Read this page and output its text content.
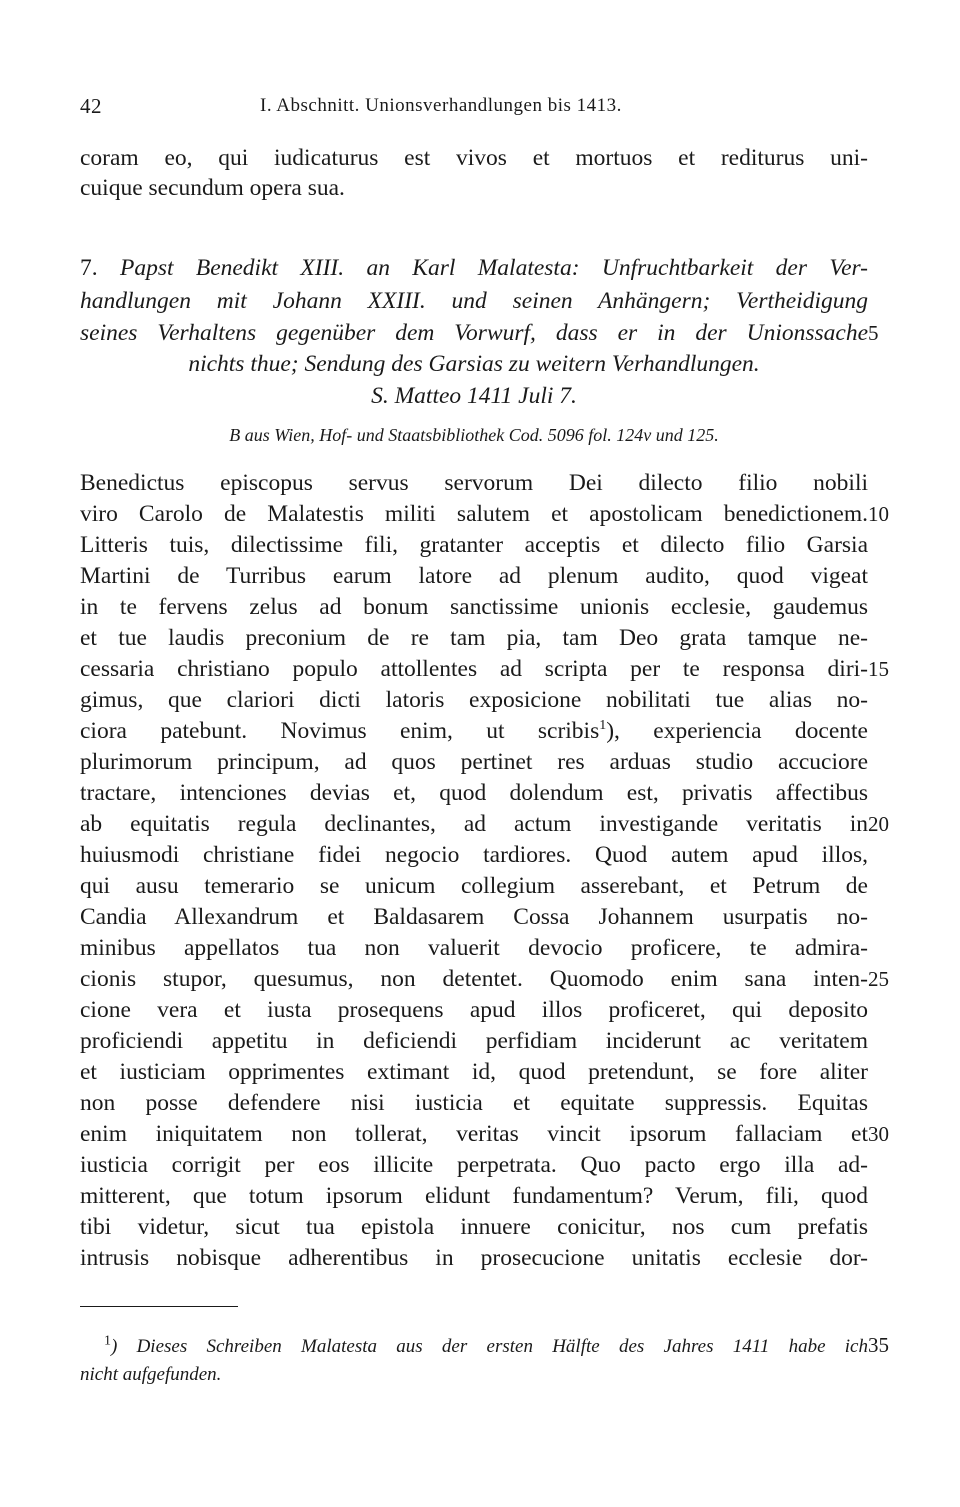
42	I. Abschnitt. Unionsverhandlungen bis 1413.
coram eo, qui iudicaturus est vivos et mortuos et rediturus uni-
cuique secundum opera sua.
7. Papst Benedikt XIII. an Karl Malatesta: Unfruchtbarkeit der Ver-
handlungen mit Johann XXIII. und seinen Anhängern; Vertheidigung
seines Verhaltens gegenüber dem Vorwurf, dass er in der Unionssache
nichts thue; Sendung des Garsias zu weitern Verhandlungen.
S. Matteo 1411 Juli 7.
B aus Wien, Hof- und Staatsbibliothek Cod. 5096 fol. 124v und 125.
Benedictus episcopus servus servorum Dei dilecto filio nobili
viro Carolo de Malatestis militi salutem et apostolicam benedictionem.
Litteris tuis, dilectissime fili, gratanter acceptis et dilecto filio Garsia
Martini de Turribus earum latore ad plenum audito, quod vigeat
in te fervens zelus ad bonum sanctissime unionis ecclesie, gaudemus
et tue laudis preconium de re tam pia, tam Deo grata tamque ne-
cessaria christiano populo attollentes ad scripta per te responsa diri-
gimus, que clariori dicti latoris exposicione nobilitati tue alias no-
ciora patebunt. Novimus enim, ut scribis$^1$), experiencia docente
plurimorum principum, ad quos pertinet res arduas studio accuciore
tractare, intenciones devias et, quod dolendum est, privatis affectibus
ab equitatis regula declinantes, ad actum investigande veritatis in
huiusmodi christiane fidei negocio tardiores. Quod autem apud illos,
qui ausu temerario se unicum collegium asserebant, et Petrum de
Candia Allexandrum et Baldasarem Cossa Johannem usurpatis no-
minibus appellatos tua non valuerit devocio proficere, te admira-
cionis stupor, quesumus, non detentet. Quomodo enim sana inten-
cione vera et iusta prosequens apud illos proficeret, qui deposito
proficiendi appetitu in deficiendi perfidiam inciderunt ac veritatem
et iusticiam opprimentes extimant id, quod pretendunt, se fore aliter
non posse defendere nisi iusticia et equitate suppressis. Equitas
enim iniquitatem non tollerat, veritas vincit ipsorum fallaciam et
iusticia corrigit per eos illicite perpetrata. Quo pacto ergo illa ad-
mitterent, que totum ipsorum elidunt fundamentum? Verum, fili, quod
tibi videtur, sicut tua epistola innuere conicitur, nos cum prefatis
intrusis nobisque adherentibus in prosecucione unitatis ecclesie dor-
5
10
15
20
25
30
35
$^1$) Dieses Schreiben Malatesta aus der ersten Hälfte des Jahres 1411 habe ich
nicht aufgefunden.
